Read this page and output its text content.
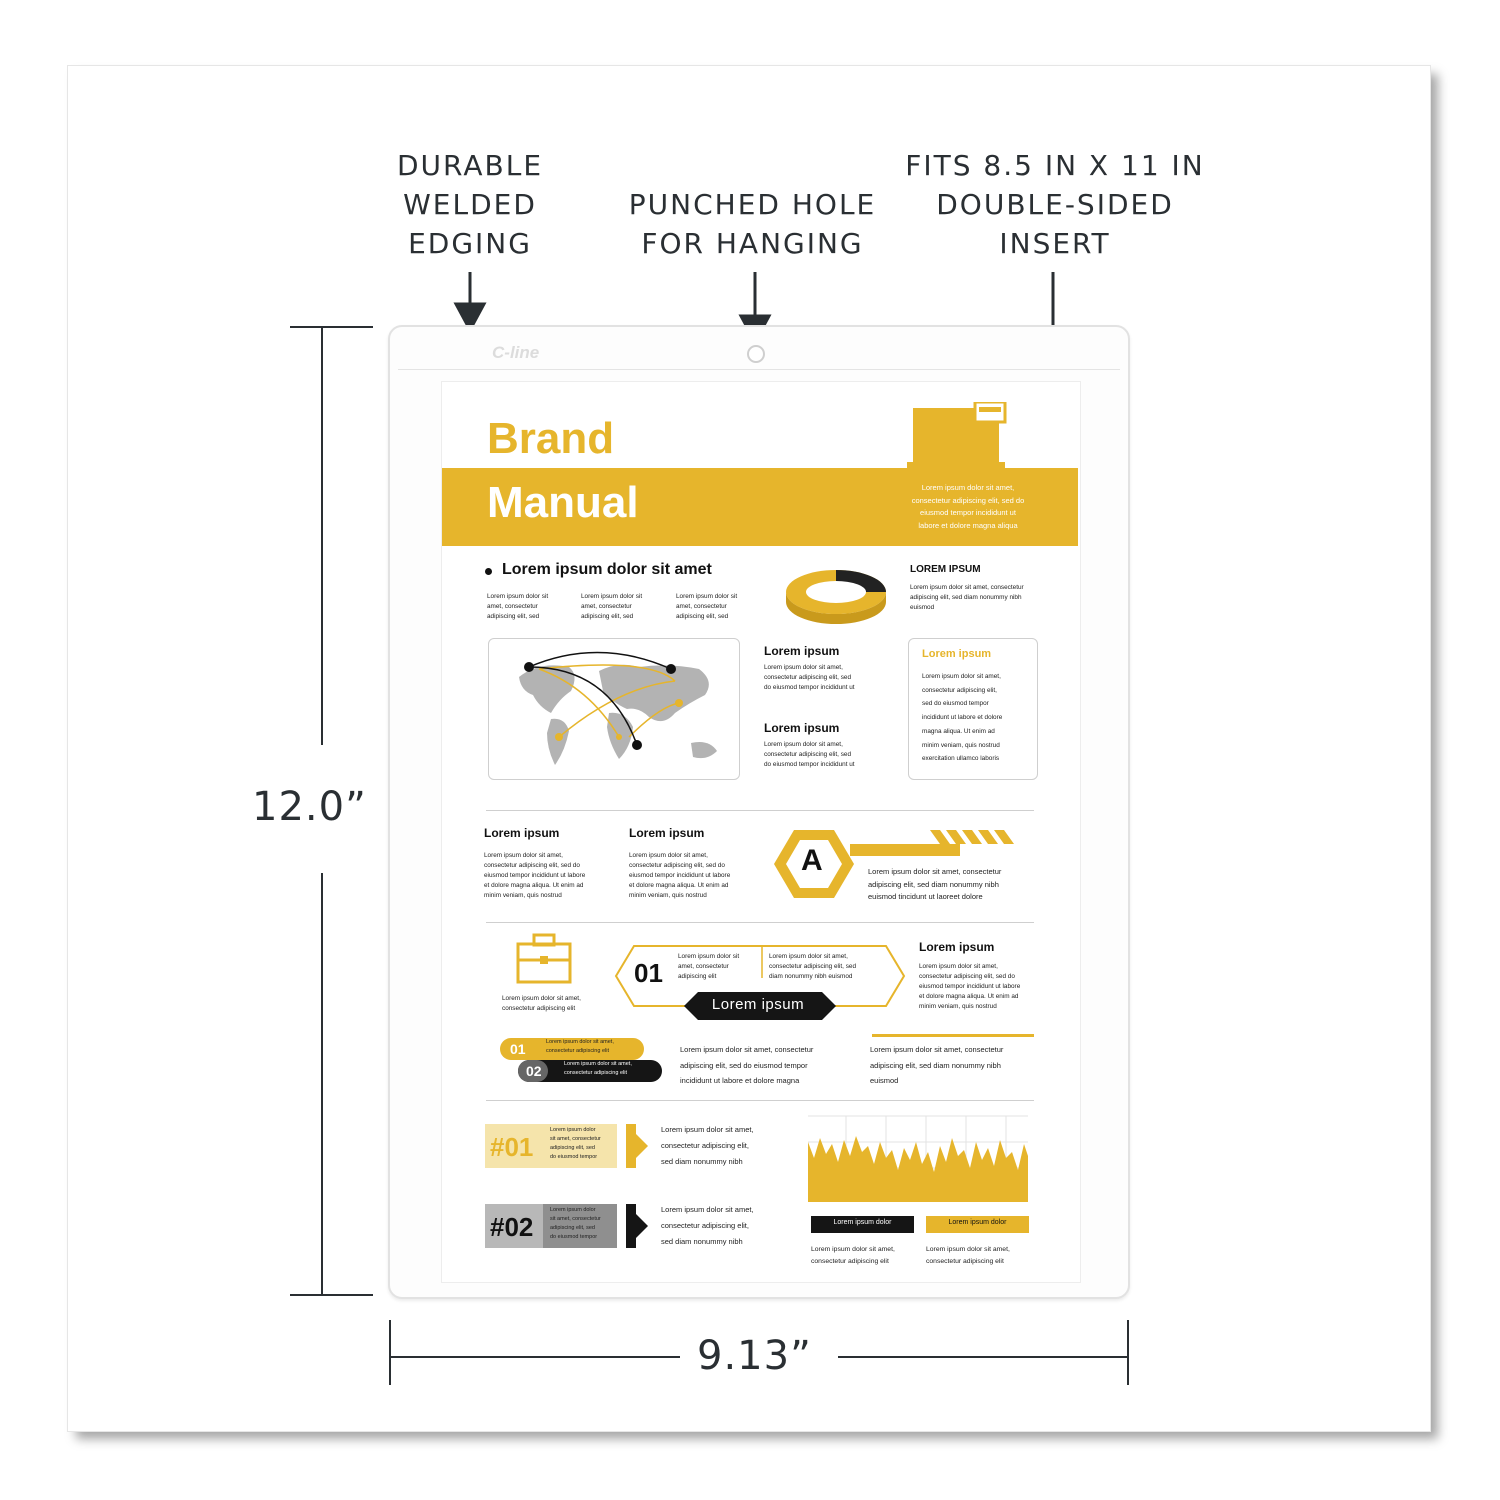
DURABLE
WELDED
EDGING
PUNCHED HOLE
FOR HANGING
FITS 8.5 IN X 11 IN
DOUBLE-SIDED
INSERT
12.0”
9.13”
C-line
Brand
Manual	Lorem ipsum dolor sit amet,
consectetur adipiscing elit, sed do
eiusmod tempor incididunt ut
labore et dolore magna aliqua
Lorem ipsum dolor sit amet
Lorem ipsum dolor sit
amet, consectetur
adipiscing elit, sed
Lorem ipsum dolor sit
amet, consectetur
adipiscing elit, sed
Lorem ipsum dolor sit
amet, consectetur
adipiscing elit, sed
LOREM IPSUM
Lorem ipsum dolor sit amet, consectetur
adipiscing elit, sed diam nonummy nibh
euismod
Lorem ipsum
Lorem ipsum dolor sit amet,
consectetur adipiscing elit, sed
do eiusmod tempor incididunt ut
Lorem ipsum
Lorem ipsum dolor sit amet,
consectetur adipiscing elit, sed
do eiusmod tempor incididunt ut
Lorem ipsum
Lorem ipsum dolor sit amet,
consectetur adipiscing elit,
sed do eiusmod tempor
incididunt ut labore et dolore
magna aliqua. Ut enim ad
minim veniam, quis nostrud
exercitation ullamco laboris
Lorem ipsum
Lorem ipsum dolor sit amet,
consectetur adipiscing elit, sed do
eiusmod tempor incididunt ut labore
et dolore magna aliqua. Ut enim ad
minim veniam, quis nostrud
Lorem ipsum
Lorem ipsum dolor sit amet,
consectetur adipiscing elit, sed do
eiusmod tempor incididunt ut labore
et dolore magna aliqua. Ut enim ad
minim veniam, quis nostrud
A	Lorem ipsum dolor sit amet, consectetur
adipiscing elit, sed diam nonummy nibh
euismod tincidunt ut laoreet dolore
Lorem ipsum dolor sit amet,
consectetur adipiscing elit
01
Lorem ipsum dolor sit
amet, consectetur
adipiscing elit
Lorem ipsum dolor sit amet,
consectetur adipiscing elit, sed
diam nonummy nibh euismod
Lorem ipsum
Lorem ipsum
Lorem ipsum dolor sit amet,
consectetur adipiscing elit, sed do
eiusmod tempor incididunt ut labore
et dolore magna aliqua. Ut enim ad
minim veniam, quis nostrud
01	Lorem ipsum dolor sit amet,
consectetur adipiscing elit
02	Lorem ipsum dolor sit amet,
consectetur adipiscing elit
Lorem ipsum dolor sit amet, consectetur
adipiscing elit, sed do eiusmod tempor
incididunt ut labore et dolore magna
Lorem ipsum dolor sit amet, consectetur
adipiscing elit, sed diam nonummy nibh
euismod
#01
Lorem ipsum dolor
sit amet, consectetur
adipiscing elit, sed
do eiusmod tempor
Lorem ipsum dolor sit amet,
consectetur adipiscing elit,
sed diam nonummy nibh
#02
Lorem ipsum dolor
sit amet, consectetur
adipiscing elit, sed
do eiusmod tempor
Lorem ipsum dolor sit amet,
consectetur adipiscing elit,
sed diam nonummy nibh
Lorem ipsum dolor	Lorem ipsum dolor
Lorem ipsum dolor sit amet,
consectetur adipiscing elit
Lorem ipsum dolor sit amet,
consectetur adipiscing elit
